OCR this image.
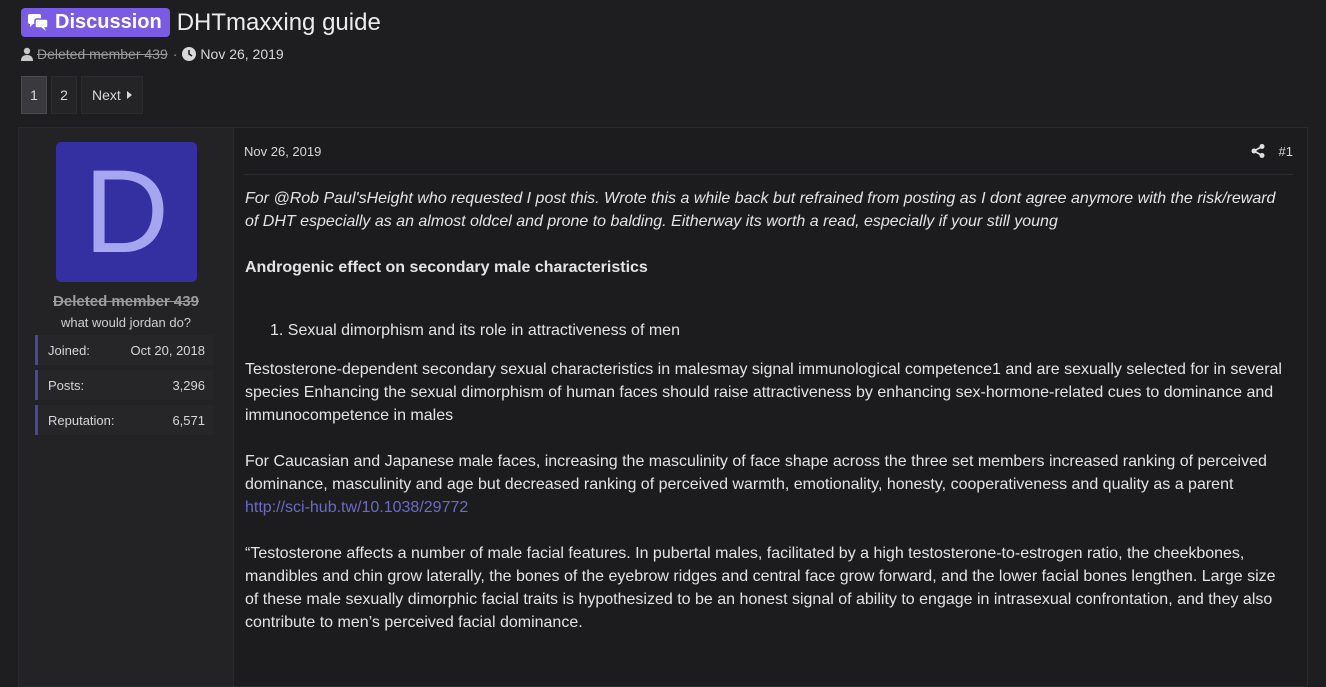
Discussion DHTmaxxing guide
Deleted member 439 · Nov 26, 2019
1	2	Next
D
Deleted member 439
what would jordan do?
Joined:	Oct 20, 2018
Posts:	3,296
Reputation:	6,571
Nov 26, 2019	#1

For @Rob Paul'sHeight who requested I post this. Wrote this a while back but refrained from posting as I dont agree anymore with the risk/reward of DHT especially as an almost oldcel and prone to balding. Eitherway its worth a read, especially if your still young

Androgenic effect on secondary male characteristics

1. Sexual dimorphism and its role in attractiveness of men

Testosterone-dependent secondary sexual characteristics in malesmay signal immunological competence1 and are sexually selected for in several species Enhancing the sexual dimorphism of human faces should raise attractiveness by enhancing sex-hormone-related cues to dominance and immunocompetence in males

For Caucasian and Japanese male faces, increasing the masculinity of face shape across the three set members increased ranking of perceived dominance, masculinity and age but decreased ranking of perceived warmth, emotionality, honesty, cooperativeness and quality as a parent

http://sci-hub.tw/10.1038/29772

“Testosterone affects a number of male facial features. In pubertal males, facilitated by a high testosterone-to-estrogen ratio, the cheekbones, mandibles and chin grow laterally, the bones of the eyebrow ridges and central face grow forward, and the lower facial bones lengthen. Large size of these male sexually dimorphic facial traits is hypothesized to be an honest signal of ability to engage in intrasexual confrontation, and they also contribute to men’s perceived facial dominance.
